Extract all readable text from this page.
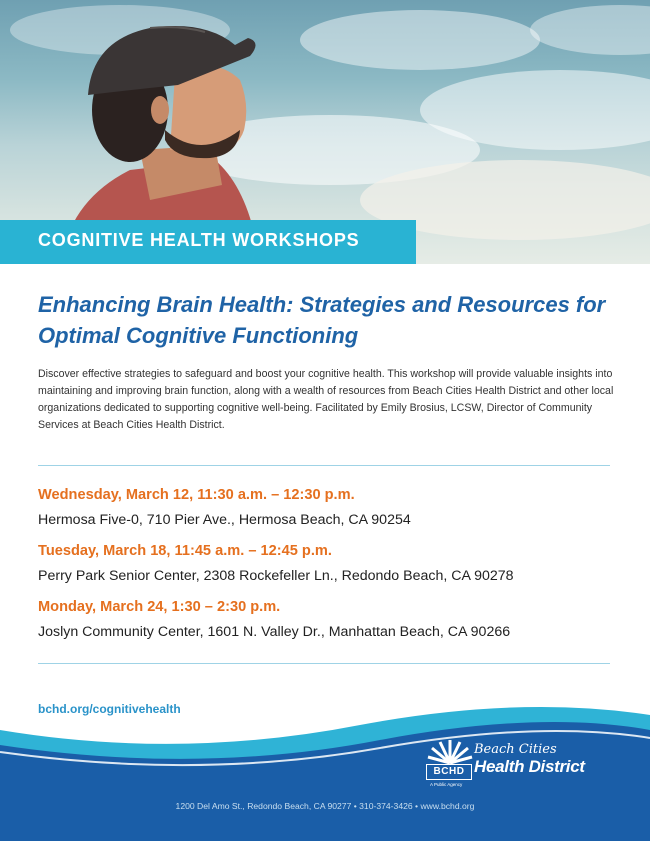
COGNITIVE HEALTH WORKSHOPS
Enhancing Brain Health: Strategies and Resources for Optimal Cognitive Functioning
Discover effective strategies to safeguard and boost your cognitive health. This workshop will provide valuable insights into maintaining and improving brain function, along with a wealth of resources from Beach Cities Health District and other local organizations dedicated to supporting cognitive well-being. Facilitated by Emily Brosius, LCSW, Director of Community Services at Beach Cities Health District.
Wednesday, March 12, 11:30 a.m. – 12:30 p.m.
Hermosa Five-0, 710 Pier Ave., Hermosa Beach, CA 90254
Tuesday, March 18, 11:45 a.m. – 12:45 p.m.
Perry Park Senior Center, 2308 Rockefeller Ln., Redondo Beach, CA 90278
Monday, March 24, 1:30 – 2:30 p.m.
Joslyn Community Center, 1601 N. Valley Dr., Manhattan Beach, CA 90266
bchd.org/cognitivehealth
BCHD
A Public Agency
Beach Cities
Health District
1200 Del Amo St., Redondo Beach, CA 90277 • 310-374-3426 • www.bchd.org
